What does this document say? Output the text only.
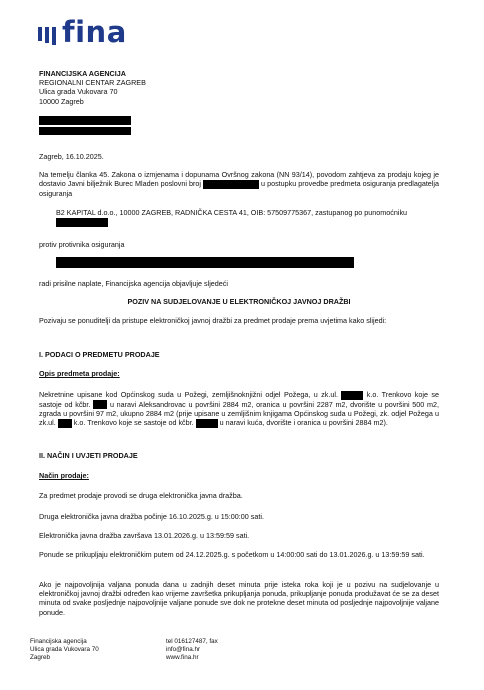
fina
FINANCIJSKA AGENCIJA
REGIONALNI CENTAR ZAGREB
Ulica grada Vukovara 70
10000 Zagreb
Zagreb, 16.10.2025.
Na temelju članka 45. Zakona o izmjenama i dopunama Ovršnog zakona (NN 93/14), povodom zahtjeva za prodaju kojeg je dostavio Javni bilježnik Burec Mladen poslovni broj	u postupku provedbe predmeta osiguranja predlagatelja osiguranja
B2 KAPITAL d.o.o., 10000 ZAGREB, RADNIČKA CESTA 41, OIB: 57509775367, zastupanog po punomoćniku
protiv protivnika osiguranja
radi prisilne naplate, Financijska agencija objavljuje sljedeći
POZIV NA SUDJELOVANJE U ELEKTRONIČKOJ JAVNOJ DRAŽBI
Pozivaju se ponuditelji da pristupe elektroničkoj javnoj dražbi za predmet prodaje prema uvjetima kako slijedi:
I. PODACI O PREDMETU PRODAJE
Opis predmeta prodaje:
Nekretnine upisane kod Općinskog suda u Požegi, zemljišnoknjižni odjel Požega, u zk.ul.	k.o. Trenkovo koje se sastoje od kčbr.	u naravi Aleksandrovac u površini 2884 m2, oranica u površini 2287 m2, dvorište u površini 500 m2, zgrada u površini 97 m2, ukupno 2884 m2 (prije upisane u zemljišnim knjigama Općinskog suda u Požegi, zk. odjel Požega u zk.ul.	k.o. Trenkovo koje se sastoje od kčbr.	u naravi kuća, dvorište i oranica u površini 2884 m2).
II. NAČIN I UVJETI PRODAJE
Način prodaje:
Za predmet prodaje provodi se druga elektronička javna dražba.
Druga elektronička javna dražba počinje 16.10.2025.g. u 15:00:00 sati.
Elektronička javna dražba završava 13.01.2026.g. u 13:59:59 sati.
Ponude se prikupljaju elektroničkim putem od 24.12.2025.g. s početkom u 14:00:00 sati do 13.01.2026.g. u 13:59:59 sati.
Ako je najpovoljnija valjana ponuda dana u zadnjih deset minuta prije isteka roka koji je u pozivu na sudjelovanje u elektroničkoj javnoj dražbi određen kao vrijeme završetka prikupljanja ponuda, prikupljanje ponuda produžavat će se za deset minuta od svake posljednje najpovoljnije valjane ponude sve dok ne protekne deset minuta od posljednje najpovoljnije valjane ponude.
Financijska agencija
Ulica grada Vukovara 70
Zagreb
tel 016127487, fax
info@fina.hr
www.fina.hr
